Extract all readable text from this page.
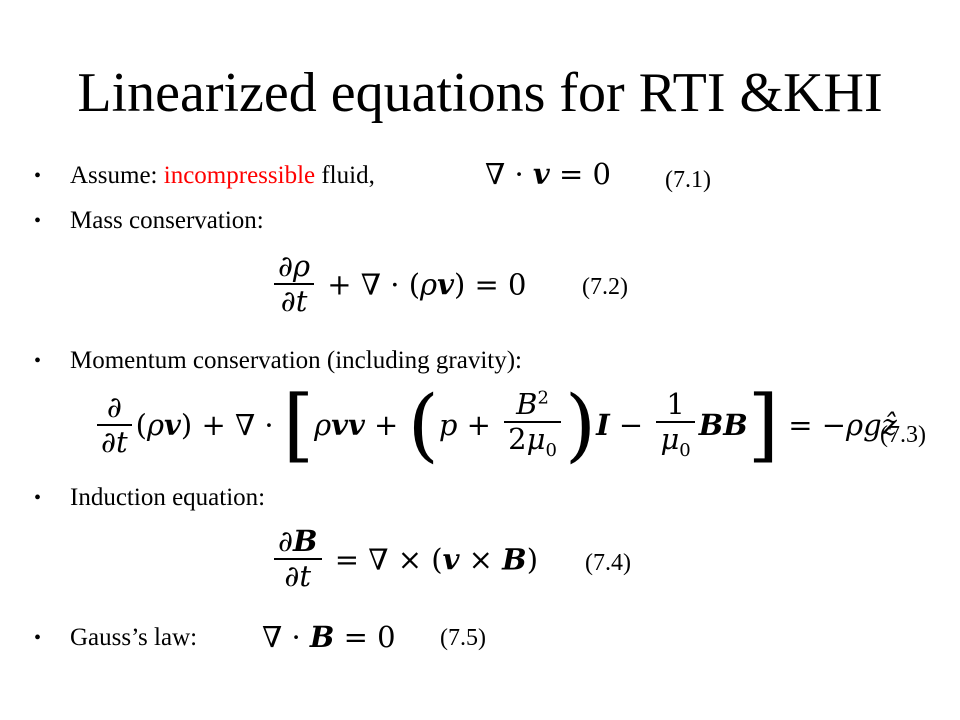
Linearized equations for RTI &KHI
• Assume: incompressible fluid,	∇ · v = 0 (7.1)
• Mass conservation:
$\frac{\partial\rho}{\partial t}$ + ∇ · (ρv) = 0 (7.2)
• Momentum conservation (including gravity):
$\frac{\partial}{\partial t} (\rho v)$ + ∇ · $[\rho vv + (p + \frac{B^2}{2\mu_0} )I - \frac{1}{\mu_0} BB]$ = −ρgẑ
(7.3)
• Induction equation:
$\frac{\partial B}{\partial t}$ = ∇ × (v × B) (7.4)
• Gauss’s law: ∇ · B = 0 (7.5)
